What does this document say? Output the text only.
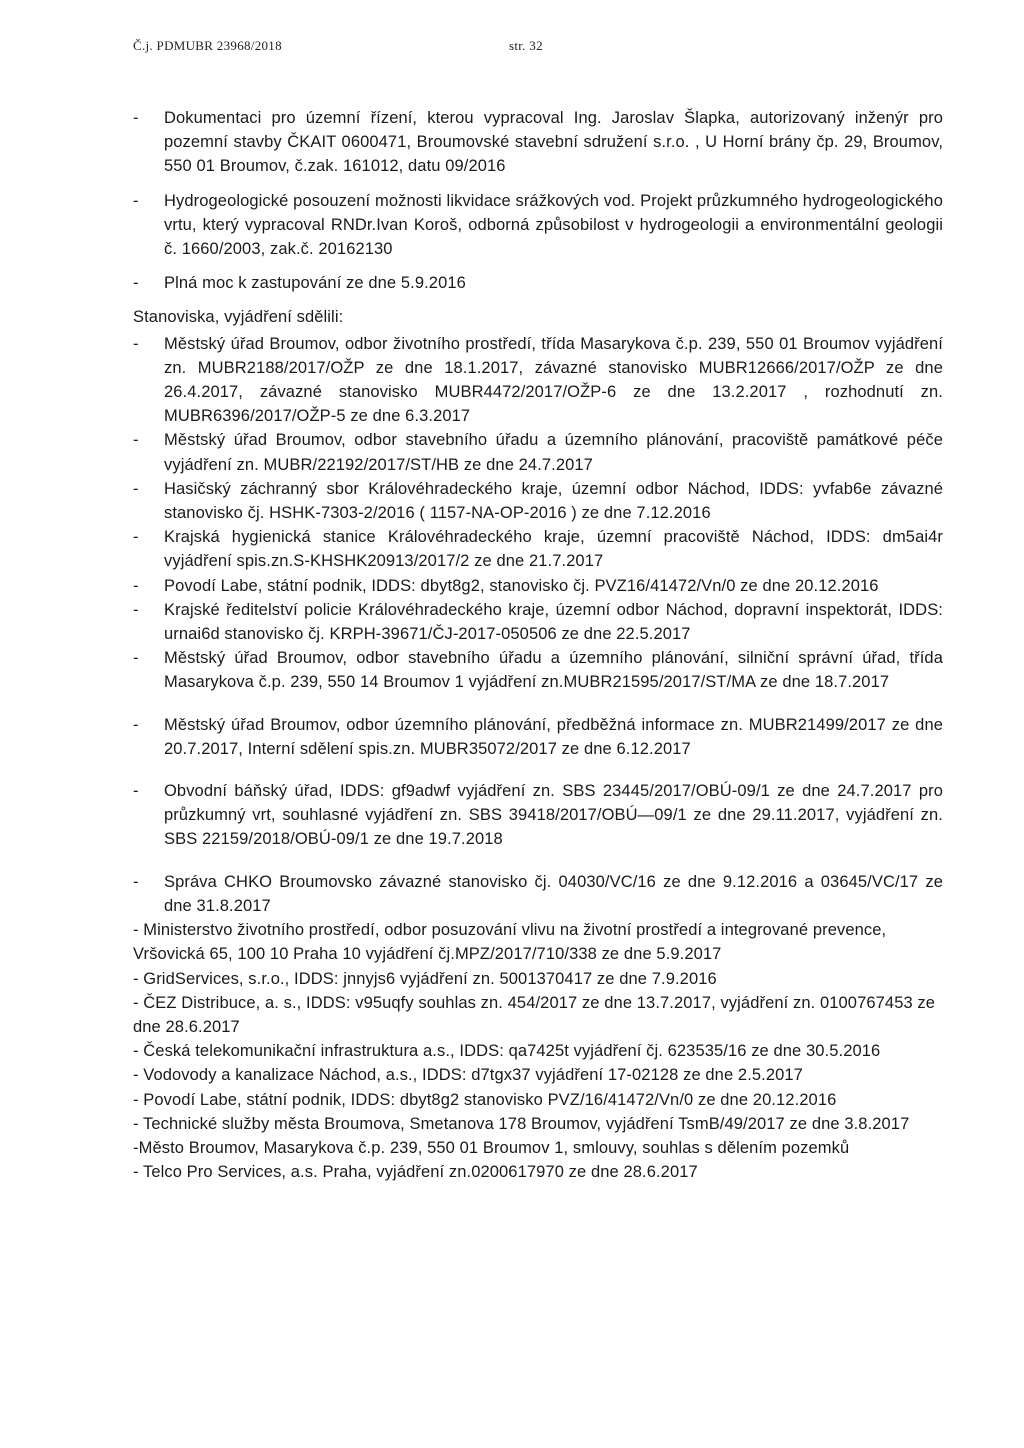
Č.j. PDMUBR 23968/2018	str. 32
- Dokumentaci pro územní řízení, kterou vypracoval Ing. Jaroslav Šlapka, autorizovaný inženýr pro pozemní stavby ČKAIT 0600471, Broumovské stavební sdružení s.r.o. , U Horní brány čp. 29, Broumov, 550 01 Broumov, č.zak. 161012, datu 09/2016
- Hydrogeologické posouzení možnosti likvidace srážkových vod. Projekt průzkumného hydrogeologického vrtu, který vypracoval RNDr.Ivan Koroš, odborná způsobilost v hydrogeologii a environmentální geologii č. 1660/2003, zak.č. 20162130
- Plná moc k zastupování ze dne 5.9.2016
Stanoviska, vyjádření sdělili:
- Městský úřad Broumov, odbor životního prostředí, třída Masarykova č.p. 239, 550 01 Broumov vyjádření zn. MUBR2188/2017/OŽP ze dne 18.1.2017, závazné stanovisko MUBR12666/2017/OŽP ze dne 26.4.2017, závazné stanovisko MUBR4472/2017/OŽP-6 ze dne 13.2.2017 , rozhodnutí zn. MUBR6396/2017/OŽP-5 ze dne 6.3.2017
- Městský úřad Broumov, odbor stavebního úřadu a územního plánování, pracoviště památkové péče vyjádření zn. MUBR/22192/2017/ST/HB ze dne 24.7.2017
- Hasičský záchranný sbor Královéhradeckého kraje, územní odbor Náchod, IDDS: yvfab6e závazné stanovisko čj. HSHK-7303-2/2016 ( 1157-NA-OP-2016 ) ze dne 7.12.2016
- Krajská hygienická stanice Královéhradeckého kraje, územní pracoviště Náchod, IDDS: dm5ai4r vyjádření spis.zn.S-KHSHK20913/2017/2 ze dne 21.7.2017
- Povodí Labe, státní podnik, IDDS: dbyt8g2, stanovisko čj. PVZ16/41472/Vn/0 ze dne 20.12.2016
- Krajské ředitelství policie Královéhradeckého kraje, územní odbor Náchod, dopravní inspektorát, IDDS: urnai6d stanovisko čj. KRPH-39671/ČJ-2017-050506 ze dne 22.5.2017
- Městský úřad Broumov, odbor stavebního úřadu a územního plánování, silniční správní úřad, třída Masarykova č.p. 239, 550 14 Broumov 1 vyjádření zn.MUBR21595/2017/ST/MA ze dne 18.7.2017
- Městský úřad Broumov, odbor územního plánování, předběžná informace zn. MUBR21499/2017 ze dne 20.7.2017, Interní sdělení spis.zn. MUBR35072/2017 ze dne 6.12.2017
- Obvodní báňský úřad, IDDS: gf9adwf vyjádření zn. SBS 23445/2017/OBÚ-09/1 ze dne 24.7.2017 pro průzkumný vrt, souhlasné vyjádření zn. SBS 39418/2017/OBÚ—09/1 ze dne 29.11.2017, vyjádření zn. SBS 22159/2018/OBÚ-09/1 ze dne 19.7.2018
- Správa CHKO Broumovsko závazné stanovisko čj. 04030/VC/16 ze dne 9.12.2016 a 03645/VC/17 ze dne 31.8.2017
- Ministerstvo životního prostředí, odbor posuzování vlivu na životní prostředí a integrované prevence, Vršovická 65, 100 10 Praha 10 vyjádření čj.MPZ/2017/710/338 ze dne 5.9.2017
- GridServices, s.r.o., IDDS: jnnyjs6 vyjádření zn. 5001370417 ze dne 7.9.2016
- ČEZ Distribuce, a. s., IDDS: v95uqfy souhlas zn. 454/2017 ze dne 13.7.2017, vyjádření zn. 0100767453 ze dne 28.6.2017
- Česká telekomunikační infrastruktura a.s., IDDS: qa7425t vyjádření čj. 623535/16 ze dne 30.5.2016
- Vodovody a kanalizace Náchod, a.s., IDDS: d7tgx37 vyjádření 17-02128 ze dne 2.5.2017
- Povodí Labe, státní podnik, IDDS: dbyt8g2 stanovisko PVZ/16/41472/Vn/0 ze dne 20.12.2016
- Technické služby města Broumova, Smetanova 178 Broumov, vyjádření TsmB/49/2017 ze dne 3.8.2017
-Město Broumov, Masarykova č.p. 239, 550 01 Broumov 1, smlouvy, souhlas s dělením pozemků
- Telco Pro Services, a.s. Praha, vyjádření zn.0200617970 ze dne 28.6.2017
